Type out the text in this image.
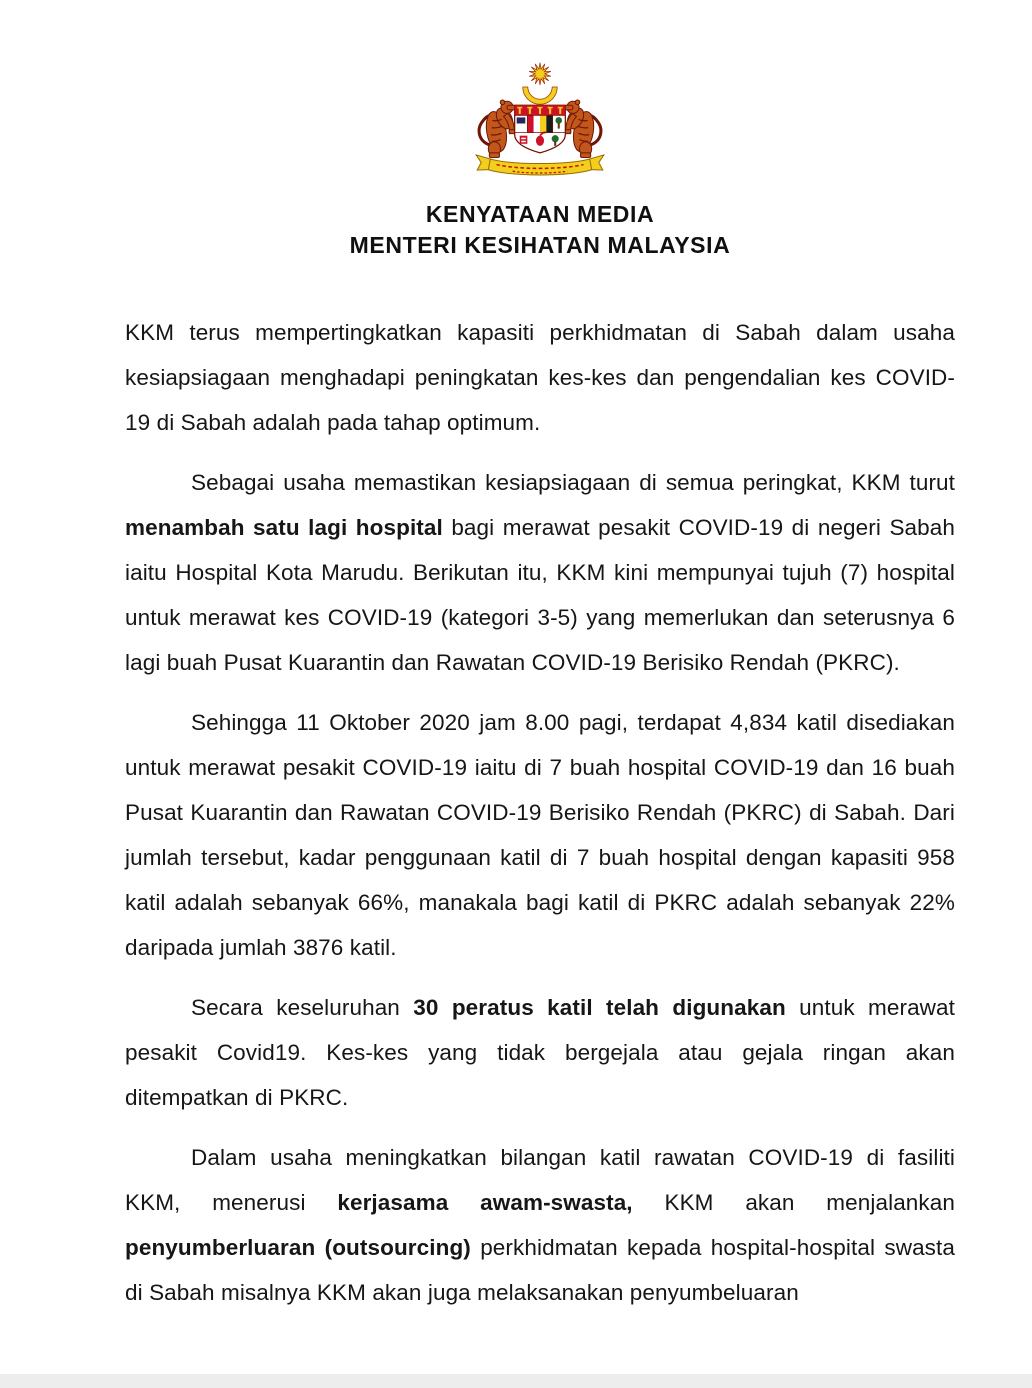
KENYATAAN MEDIA
MENTERI KESIHATAN MALAYSIA

KKM terus mempertingkatkan kapasiti perkhidmatan di Sabah dalam usaha kesiapsiagaan menghadapi peningkatan kes-kes dan pengendalian kes COVID-19 di Sabah adalah pada tahap optimum.

Sebagai usaha memastikan kesiapsiagaan di semua peringkat, KKM turut menambah satu lagi hospital bagi merawat pesakit COVID-19 di negeri Sabah iaitu Hospital Kota Marudu. Berikutan itu, KKM kini mempunyai tujuh (7) hospital untuk merawat kes COVID-19 (kategori 3-5) yang memerlukan dan seterusnya 6 lagi buah Pusat Kuarantin dan Rawatan COVID-19 Berisiko Rendah (PKRC).

Sehingga 11 Oktober 2020 jam 8.00 pagi, terdapat 4,834 katil disediakan untuk merawat pesakit COVID-19 iaitu di 7 buah hospital COVID-19 dan 16 buah Pusat Kuarantin dan Rawatan COVID-19 Berisiko Rendah (PKRC) di Sabah. Dari jumlah tersebut, kadar penggunaan katil di 7 buah hospital dengan kapasiti 958 katil adalah sebanyak 66%, manakala bagi katil di PKRC adalah sebanyak 22% daripada jumlah 3876 katil.

Secara keseluruhan 30 peratus katil telah digunakan untuk merawat pesakit Covid19. Kes-kes yang tidak bergejala atau gejala ringan akan ditempatkan di PKRC.

Dalam usaha meningkatkan bilangan katil rawatan COVID-19 di fasiliti KKM, menerusi kerjasama awam-swasta, KKM akan menjalankan penyumberluaran (outsourcing) perkhidmatan kepada hospital-hospital swasta di Sabah misalnya KKM akan juga melaksanakan penyumbeluaran
